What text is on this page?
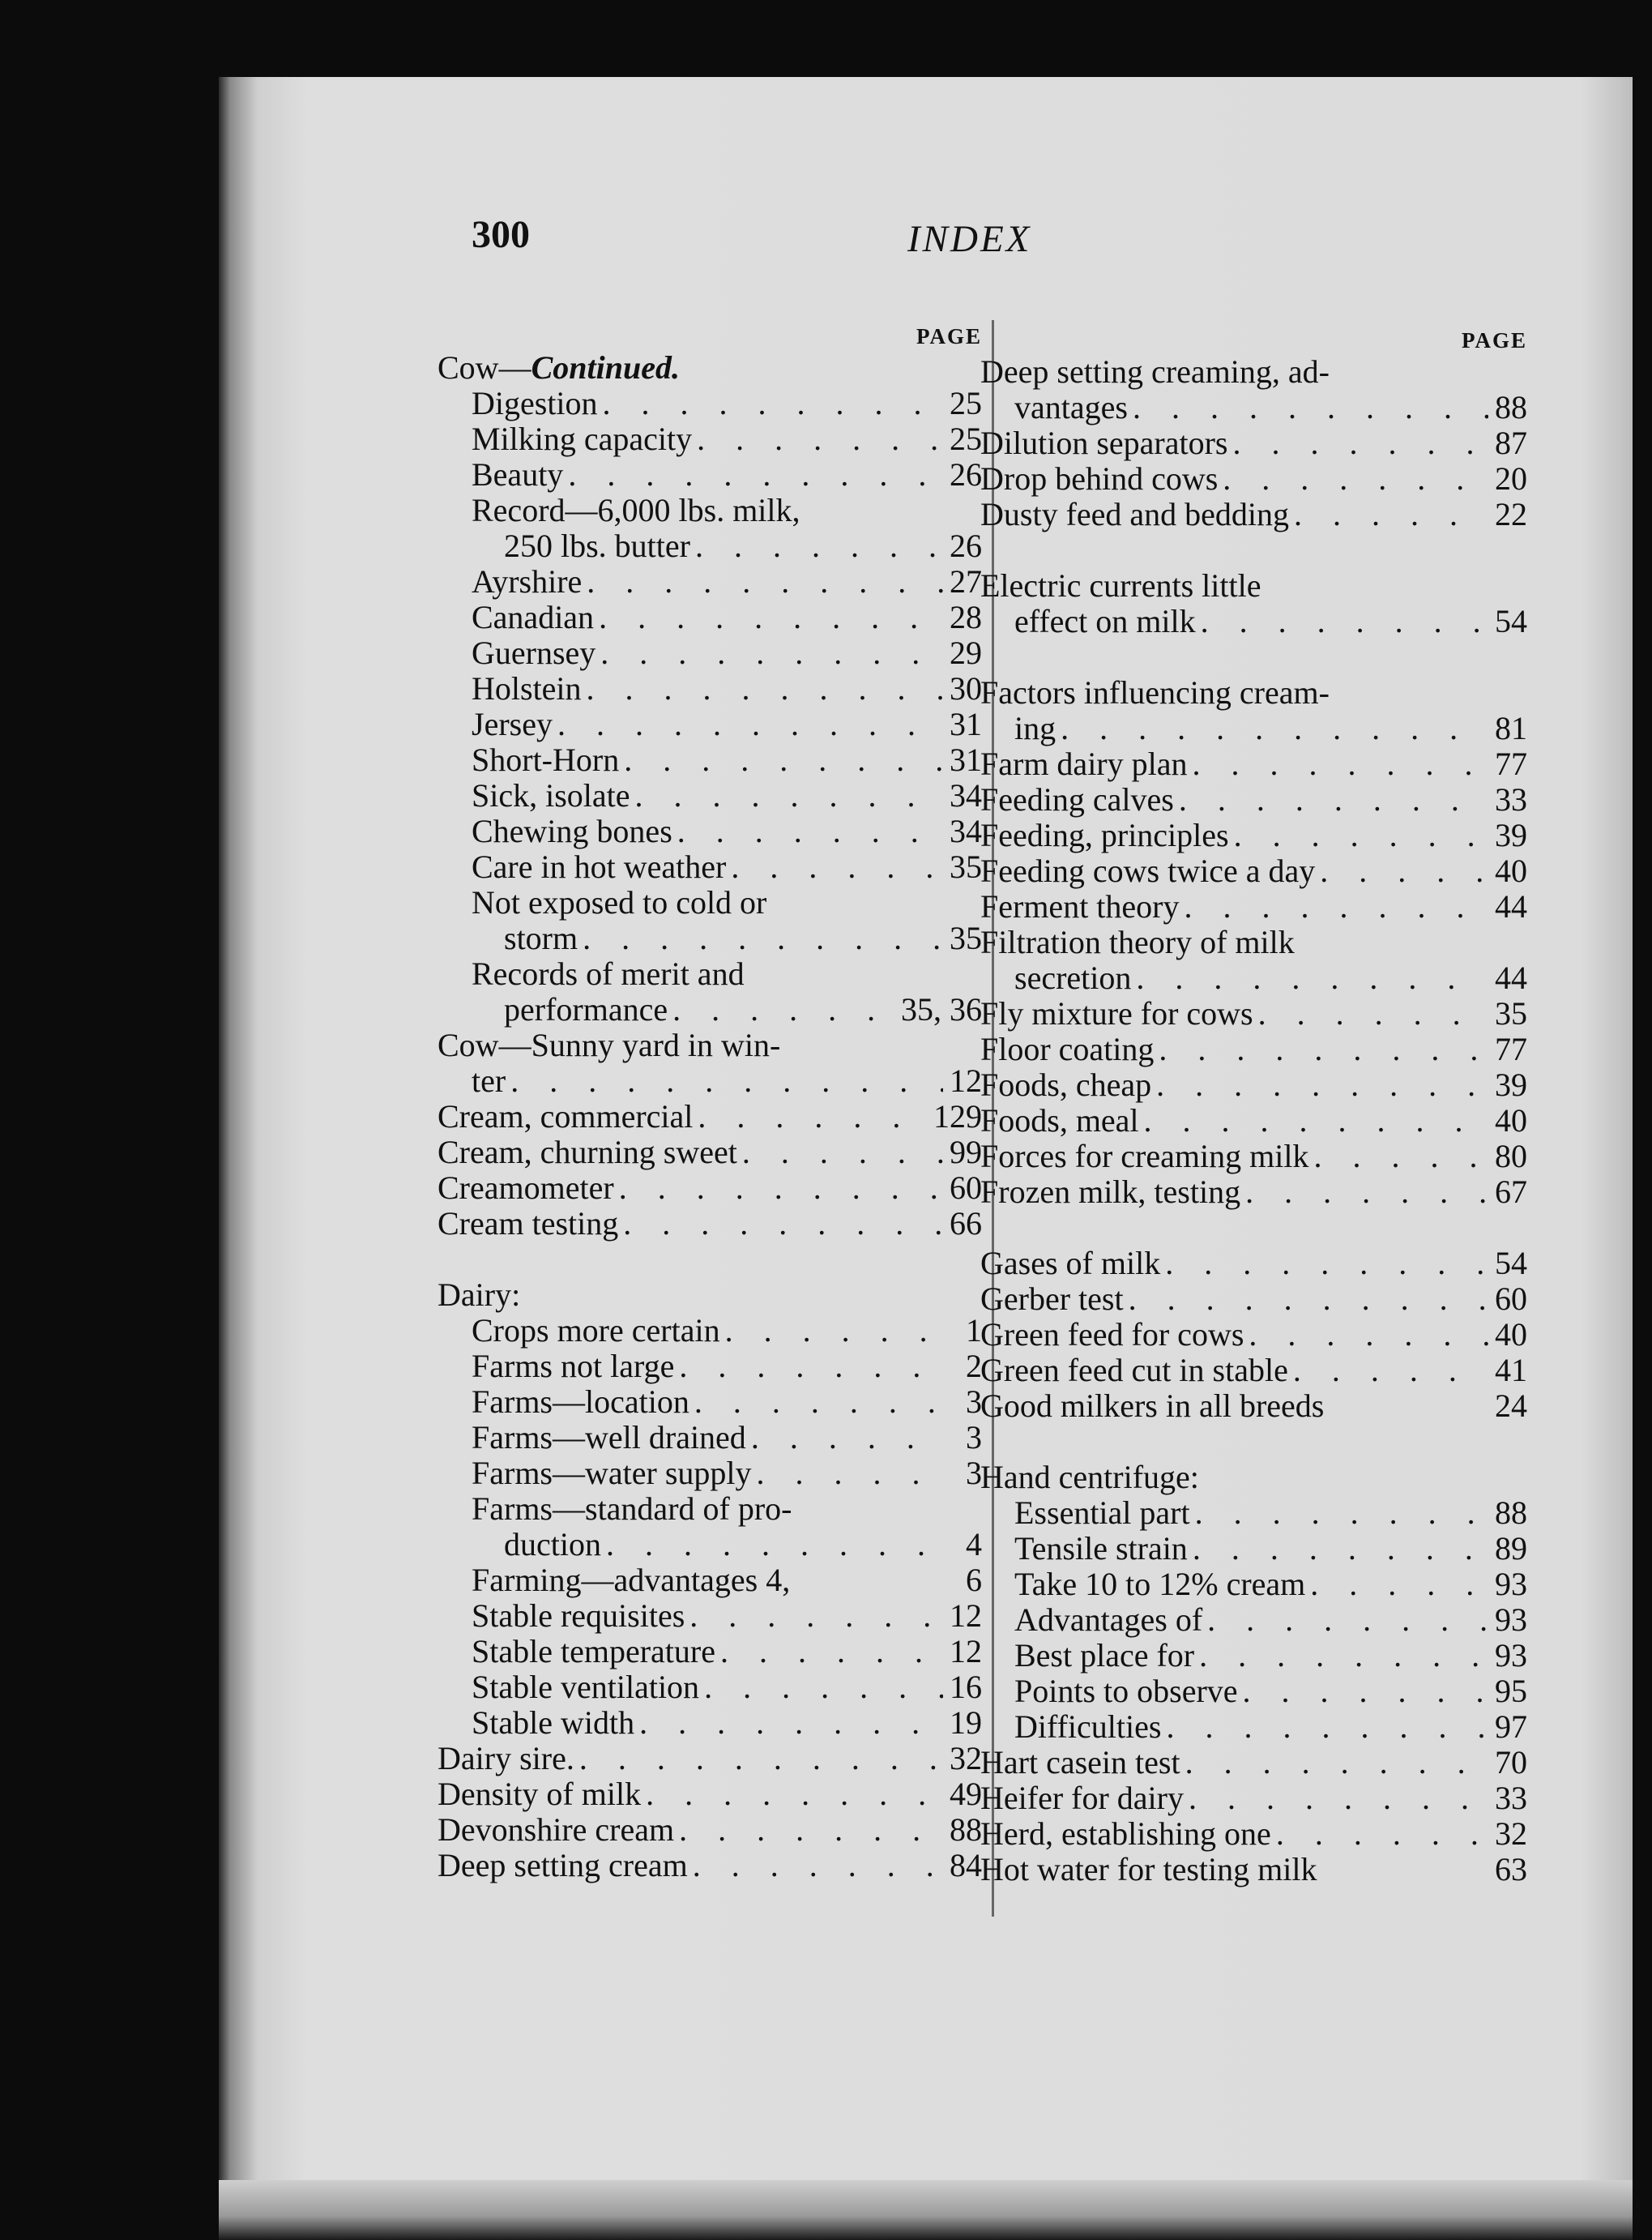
300	INDEX
PAGE
Cow—Continued.
Digestion . . .	25
Milking capacity . . .	25
Beauty . . .	26
Record—6,000 lbs. milk,
250 lbs. butter . . .	26
Ayrshire . . .	27
Canadian . . .	28
Guernsey . . .	29
Holstein . . .	30
Jersey . . .	31
Short-Horn . . .	31
Sick, isolate . . .	34
Chewing bones . . .	34
Care in hot weather . . .	35
Not exposed to cold or
storm . . .	35
Records of merit and
performance . . .	35, 36
Cow—Sunny yard in win-
ter . . .	12
Cream, commercial . . .	129
Cream, churning sweet . . .	99
Creamometer . . .	60
Cream testing . . .	66
Dairy:
Crops more certain . . .	1
Farms not large . . .	2
Farms—location . . .	3
Farms—well drained . . .	3
Farms—water supply . . .	3
Farms—standard of pro-
duction . . .	4
Farming—advantages 4,	6
Stable requisites . . .	12
Stable temperature . . .	12
Stable ventilation . . .	16
Stable width . . .	19
Dairy sire. . . .	32
Density of milk . . .	49
Devonshire cream . . .	88
Deep setting cream . . .	84
PAGE
Deep setting creaming, ad-
vantages . . .	88
Dilution separators . . .	87
Drop behind cows . . .	20
Dusty feed and bedding . . .	22
Electric currents little
effect on milk . . .	54
Factors influencing cream-
ing . . .	81
Farm dairy plan . . .	77
Feeding calves . . .	33
Feeding, principles . . .	39
Feeding cows twice a day . . .	40
Ferment theory . . .	44
Filtration theory of milk
secretion . . .	44
Fly mixture for cows . . .	35
Floor coating . . .	77
Foods, cheap . . .	39
Foods, meal . . .	40
Forces for creaming milk . . .	80
Frozen milk, testing . . .	67
Gases of milk . . .	54
Gerber test . . .	60
Green feed for cows . . .	40
Green feed cut in stable . . .	41
Good milkers in all breeds	24
Hand centrifuge:
Essential part . . .	88
Tensile strain . . .	89
Take 10 to 12% cream . . .	93
Advantages of . . .	93
Best place for . . .	93
Points to observe . . .	95
Difficulties . . .	97
Hart casein test . . .	70
Heifer for dairy . . .	33
Herd, establishing one . . .	32
Hot water for testing milk	63
